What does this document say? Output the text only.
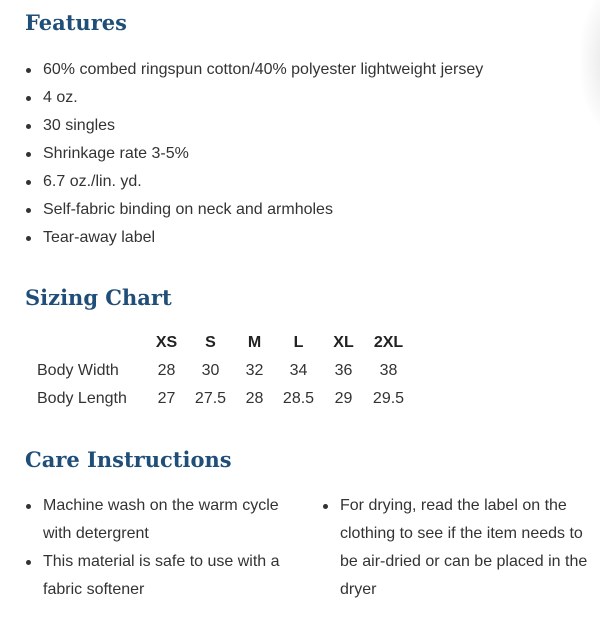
Features
60% combed ringspun cotton/40% polyester lightweight jersey
4 oz.
30 singles
Shrinkage rate 3-5%
6.7 oz./lin. yd.
Self-fabric binding on neck and armholes
Tear-away label
Sizing Chart
	XS	S	M	L	XL	2XL
Body Width	28	30	32	34	36	38
Body Length	27	27.5	28	28.5	29	29.5
Care Instructions
Machine wash on the warm cycle with detergrent
This material is safe to use with a fabric softener
For drying, read the label on the clothing to see if the item needs to be air-dried or can be placed in the dryer
